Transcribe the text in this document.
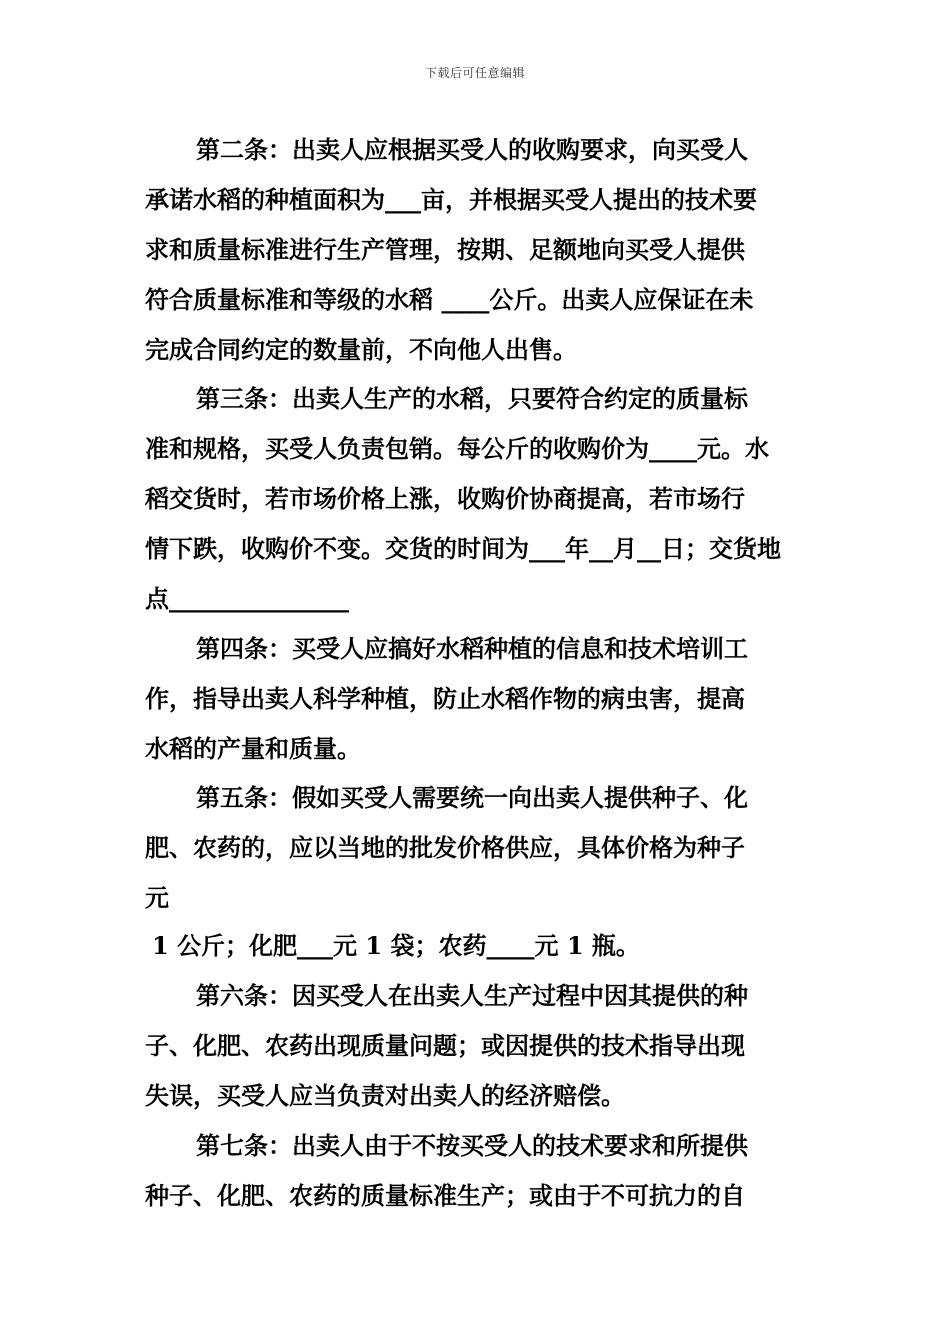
下载后可任意编辑
第二条：出卖人应根据买受人的收购要求，向买受人
承诺水稻的种植面积为___亩，并根据买受人提出的技术要
求和质量标准进行生产管理，按期、足额地向买受人提供
符合质量标准和等级的水稻 ____公斤。出卖人应保证在未
完成合同约定的数量前，不向他人出售。
第三条：出卖人生产的水稻，只要符合约定的质量标
准和规格，买受人负责包销。每公斤的收购价为____元。水
稻交货时，若市场价格上涨，收购价协商提高，若市场行
情下跌，收购价不变。交货的时间为___年__月__日；交货地
点_______________
第四条：买受人应搞好水稻种植的信息和技术培训工
作，指导出卖人科学种植，防止水稻作物的病虫害，提高
水稻的产量和质量。
第五条：假如买受人需要统一向出卖人提供种子、化
肥、农药的，应以当地的批发价格供应，具体价格为种子
元
1 公斤；化肥___元 1 袋；农药____元 1 瓶。
第六条：因买受人在出卖人生产过程中因其提供的种
子、化肥、农药出现质量问题；或因提供的技术指导出现
失误，买受人应当负责对出卖人的经济赔偿。
第七条：出卖人由于不按买受人的技术要求和所提供
种子、化肥、农药的质量标准生产；或由于不可抗力的自
